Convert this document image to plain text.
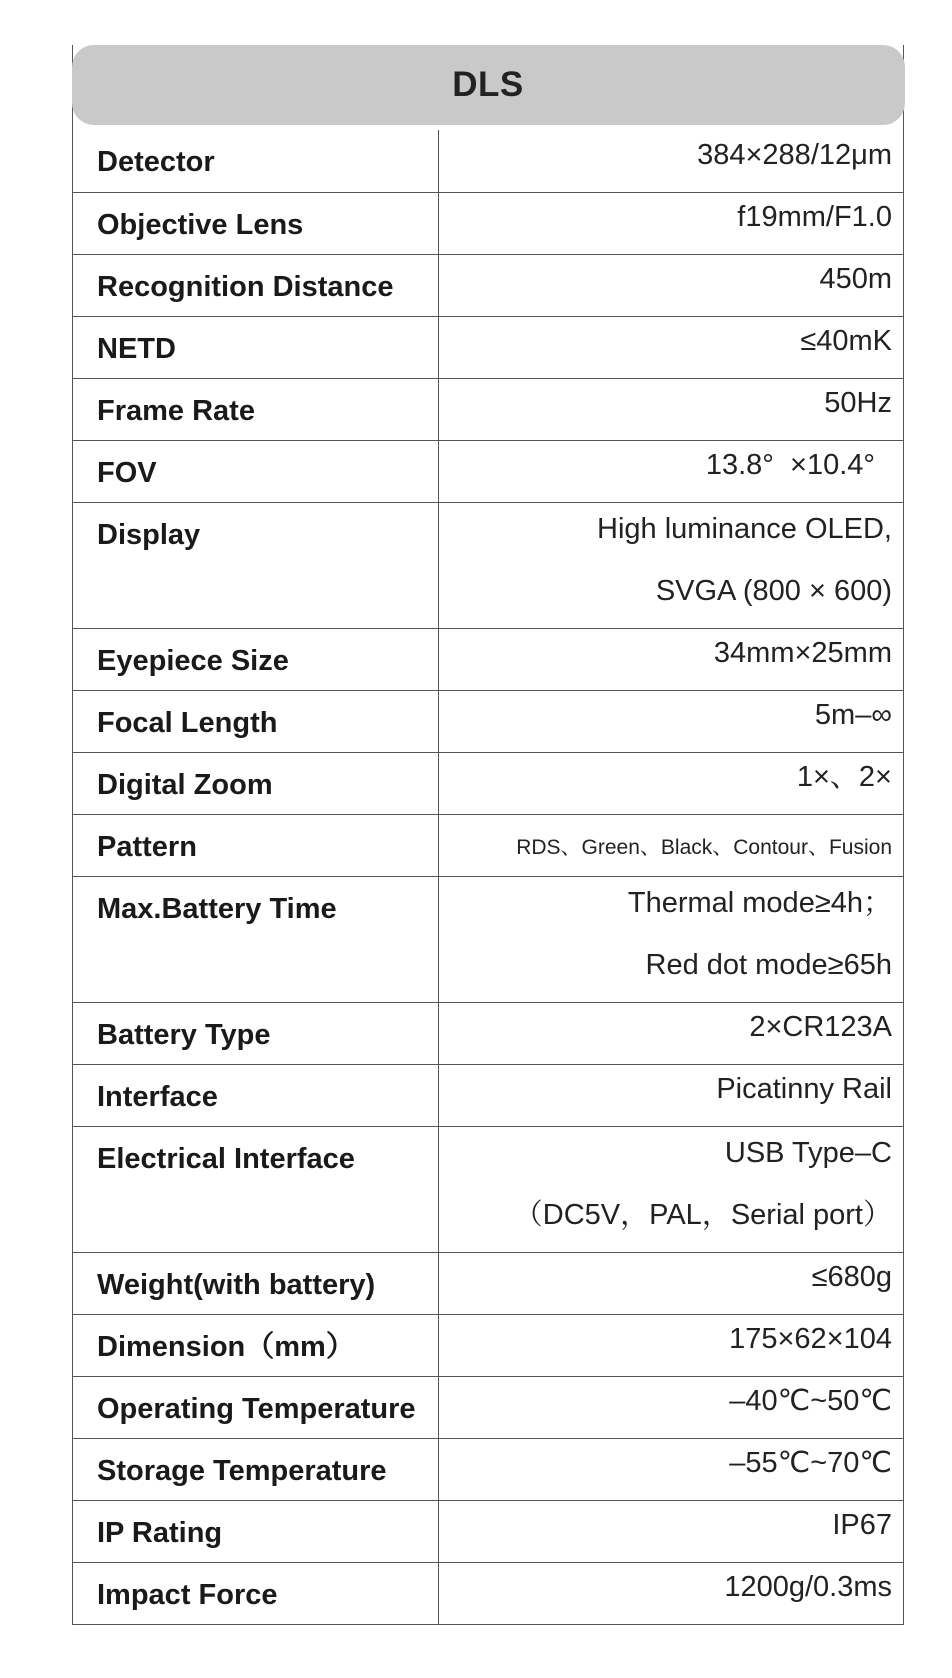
DLS
Detector	384×288/12μm
Objective Lens	f19mm/F1.0
Recognition Distance	450m
NETD	≤40mK
Frame Rate	50Hz
FOV	13.8°  ×10.4°
Display	High luminance OLED,
SVGA (800 × 600)
Eyepiece Size	34mm×25mm
Focal Length	5m–∞
Digital Zoom	1×、2×
Pattern	RDS、Green、Black、Contour、Fusion
Max.Battery Time	Thermal mode≥4h；
Red dot mode≥65h
Battery Type	2×CR123A
Interface	Picatinny Rail
Electrical Interface	USB Type–C
（DC5V，PAL，Serial port）
Weight(with battery)	≤680g
Dimension（mm）	175×62×104
Operating Temperature	–40℃~50℃
Storage Temperature	–55℃~70℃
IP Rating	IP67
Impact Force	1200g/0.3ms
